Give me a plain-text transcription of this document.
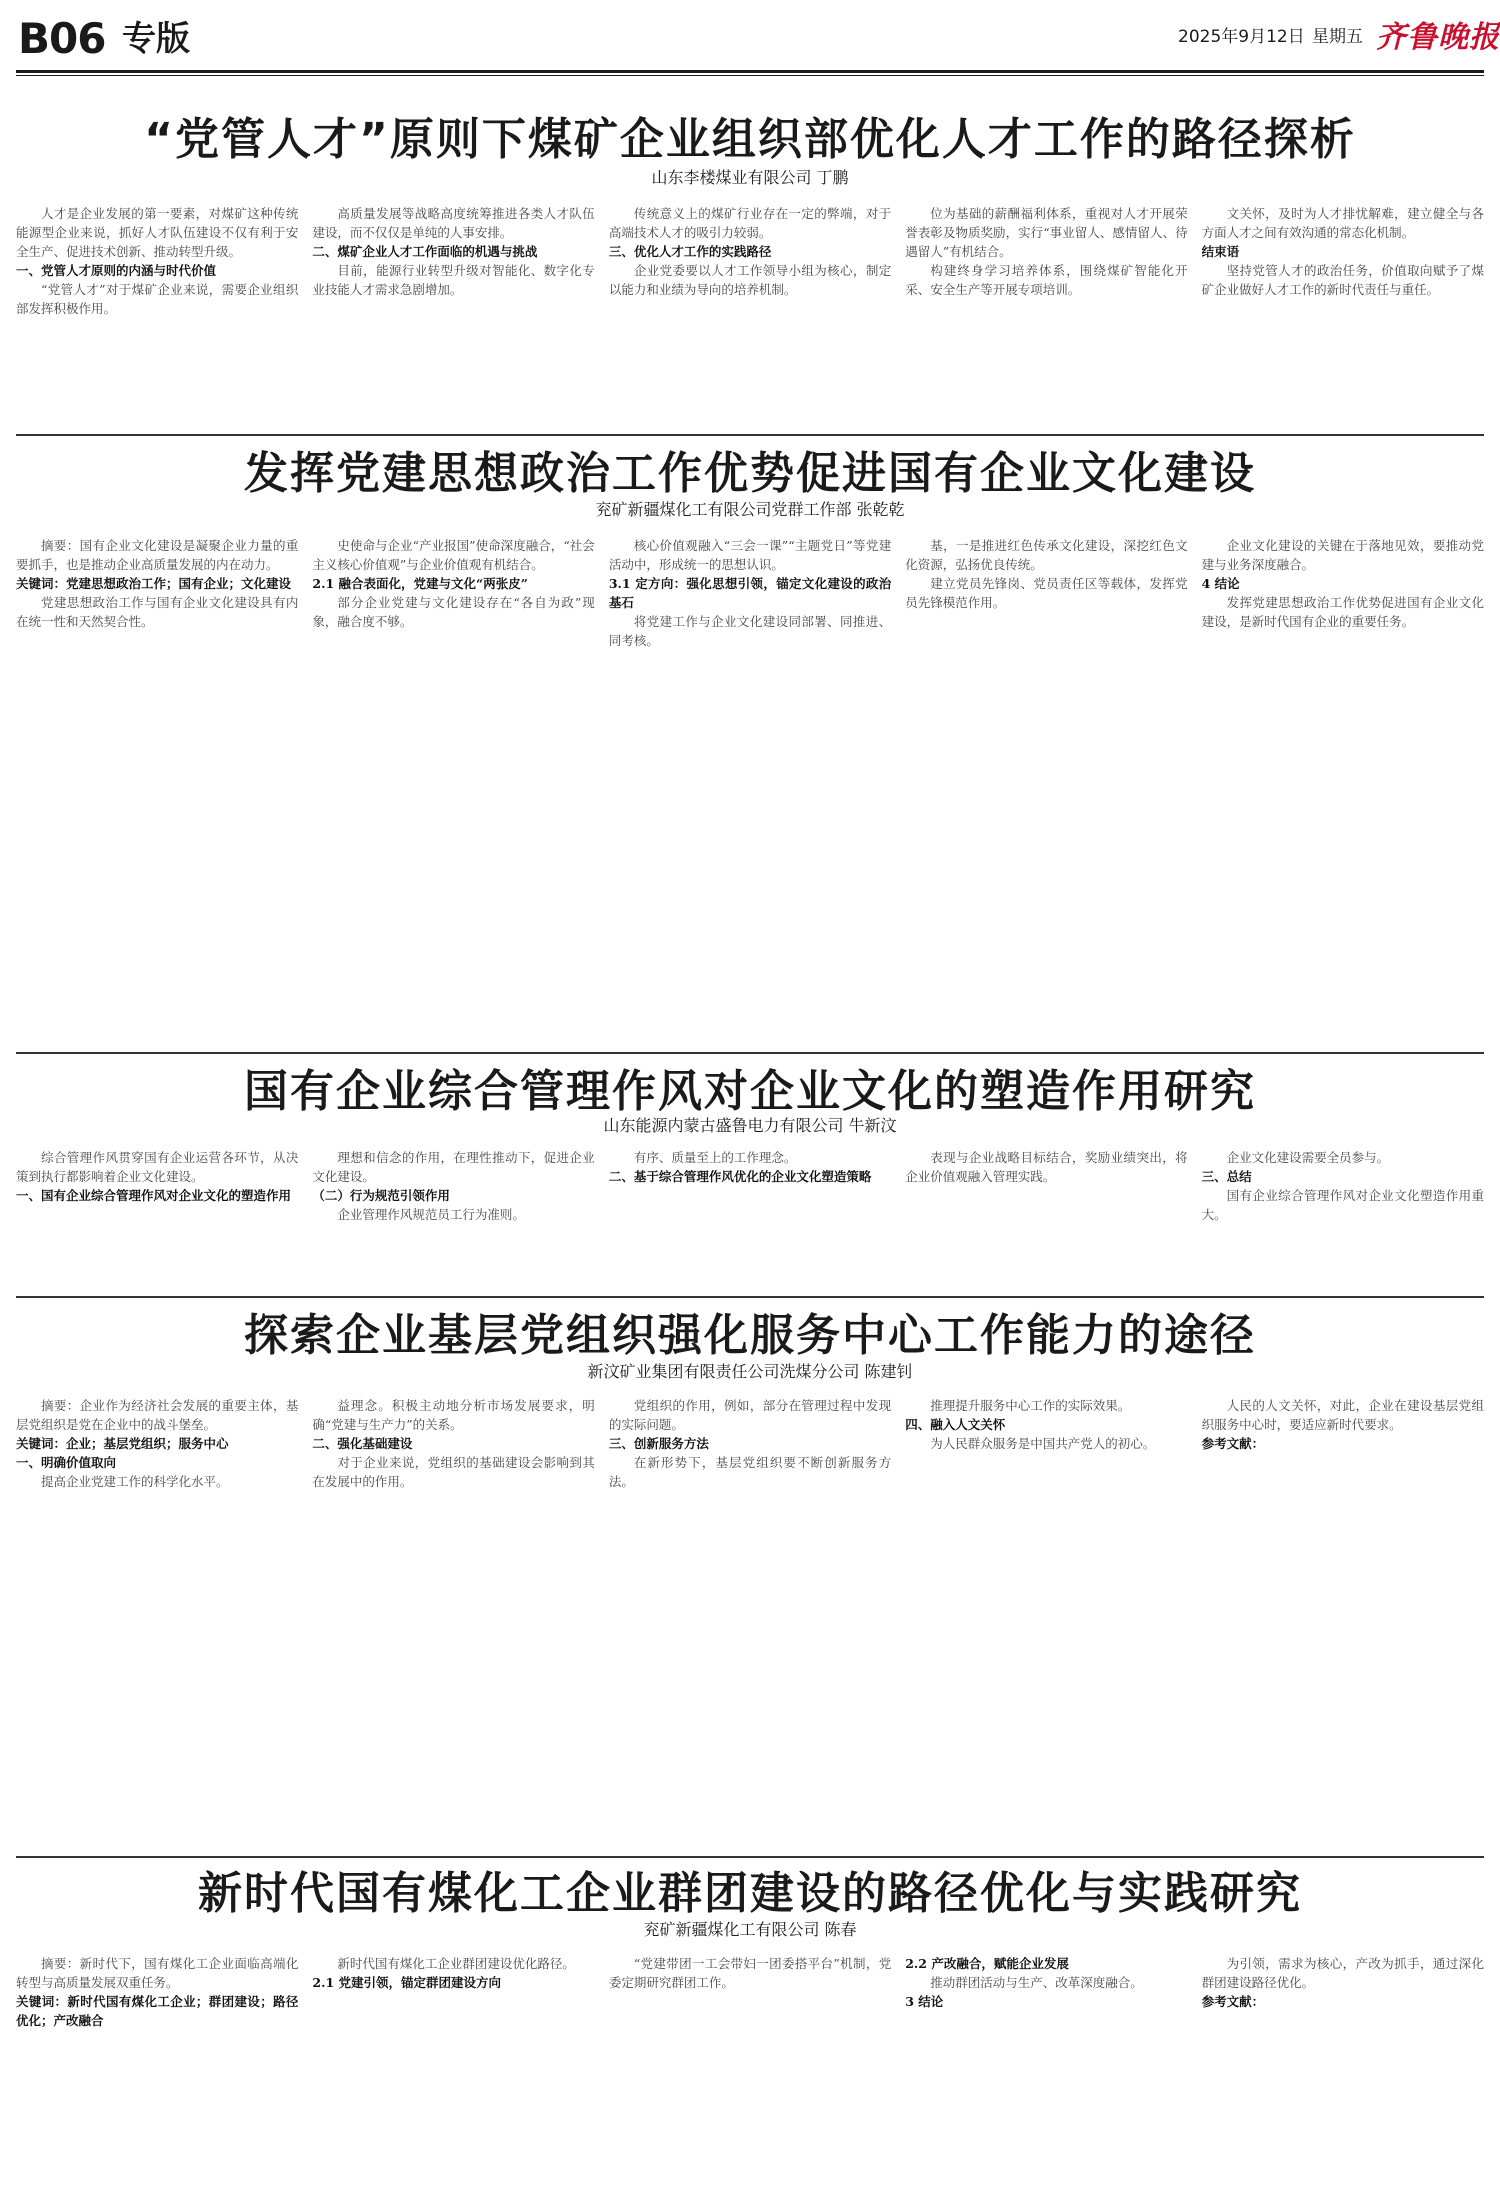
B06 专版	2025年9月12日 星期五 齐鲁晚报
“党管人才”原则下煤矿企业组织部优化人才工作的路径探析
山东李楼煤业有限公司 丁鹏

人才是企业发展的第一要素，对煤矿这种传统能源型企业来说，抓好人才队伍建设不仅有利于安全生产、促进技术创新、推动转型升级。

一、党管人才原则的内涵与时代价值

“党管人才”对于煤矿企业来说，需要企业组织部发挥积极作用。

高质量发展等战略高度统筹推进各类人才队伍建设，而不仅仅是单纯的人事安排。

二、煤矿企业人才工作面临的机遇与挑战

目前，能源行业转型升级对智能化、数字化专业技能人才需求急剧增加。

传统意义上的煤矿行业存在一定的弊端，对于高端技术人才的吸引力较弱。

三、优化人才工作的实践路径

企业党委要以人才工作领导小组为核心，制定以能力和业绩为导向的培养机制。

位为基础的薪酬福利体系，重视对人才开展荣誉表彰及物质奖励，实行“事业留人、感情留人、待遇留人”有机结合。

构建终身学习培养体系，围绕煤矿智能化开采、安全生产等开展专项培训。

文关怀，及时为人才排忧解难，建立健全与各方面人才之间有效沟通的常态化机制。

结束语

坚持党管人才的政治任务，价值取向赋予了煤矿企业做好人才工作的新时代责任与重任。

发挥党建思想政治工作优势促进国有企业文化建设
兖矿新疆煤化工有限公司党群工作部 张乾乾

摘要：国有企业文化建设是凝聚企业力量的重要抓手，也是推动企业高质量发展的内在动力。

关键词：党建思想政治工作；国有企业；文化建设

党建思想政治工作与国有企业文化建设具有内在统一性和天然契合性。

史使命与企业“产业报国”使命深度融合，“社会主义核心价值观”与企业价值观有机结合。

2.1 融合表面化，党建与文化“两张皮”

部分企业党建与文化建设存在“各自为政”现象，融合度不够。

核心价值观融入“三会一课”“主题党日”等党建活动中，形成统一的思想认识。

3.1 定方向：强化思想引领，锚定文化建设的政治基石

将党建工作与企业文化建设同部署、同推进、同考核。

基，一是推进红色传承文化建设，深挖红色文化资源，弘扬优良传统。

建立党员先锋岗、党员责任区等载体，发挥党员先锋模范作用。

企业文化建设的关键在于落地见效，要推动党建与业务深度融合。

4 结论

发挥党建思想政治工作优势促进国有企业文化建设，是新时代国有企业的重要任务。

国有企业综合管理作风对企业文化的塑造作用研究
山东能源内蒙古盛鲁电力有限公司 牛新汶

综合管理作风贯穿国有企业运营各环节，从决策到执行都影响着企业文化建设。

一、国有企业综合管理作风对企业文化的塑造作用

理想和信念的作用，在理性推动下，促进企业文化建设。

（二）行为规范引领作用

企业管理作风规范员工行为准则。

有序、质量至上的工作理念。

二、基于综合管理作风优化的企业文化塑造策略

表现与企业战略目标结合，奖励业绩突出，将企业价值观融入管理实践。

企业文化建设需要全员参与。

三、总结

国有企业综合管理作风对企业文化塑造作用重大。

探索企业基层党组织强化服务中心工作能力的途径
新汶矿业集团有限责任公司洗煤分公司 陈建钊

摘要：企业作为经济社会发展的重要主体，基层党组织是党在企业中的战斗堡垒。

关键词：企业；基层党组织；服务中心

一、明确价值取向

提高企业党建工作的科学化水平。

益理念。积极主动地分析市场发展要求，明确“党建与生产力”的关系。

二、强化基础建设

对于企业来说，党组织的基础建设会影响到其在发展中的作用。

党组织的作用，例如，部分在管理过程中发现的实际问题。

三、创新服务方法

在新形势下，基层党组织要不断创新服务方法。

推理提升服务中心工作的实际效果。

四、融入人文关怀

为人民群众服务是中国共产党人的初心。

人民的人文关怀，对此，企业在建设基层党组织服务中心时，要适应新时代要求。

参考文献：

新时代国有煤化工企业群团建设的路径优化与实践研究
兖矿新疆煤化工有限公司 陈春

摘要：新时代下，国有煤化工企业面临高端化转型与高质量发展双重任务。

关键词：新时代国有煤化工企业；群团建设；路径优化；产改融合

新时代国有煤化工企业群团建设优化路径。

2.1 党建引领，锚定群团建设方向

“党建带团一工会带妇一团委搭平台”机制，党委定期研究群团工作。

2.2 产改融合，赋能企业发展

推动群团活动与生产、改革深度融合。

3 结论

为引领，需求为核心，产改为抓手，通过深化群团建设路径优化。

参考文献：
